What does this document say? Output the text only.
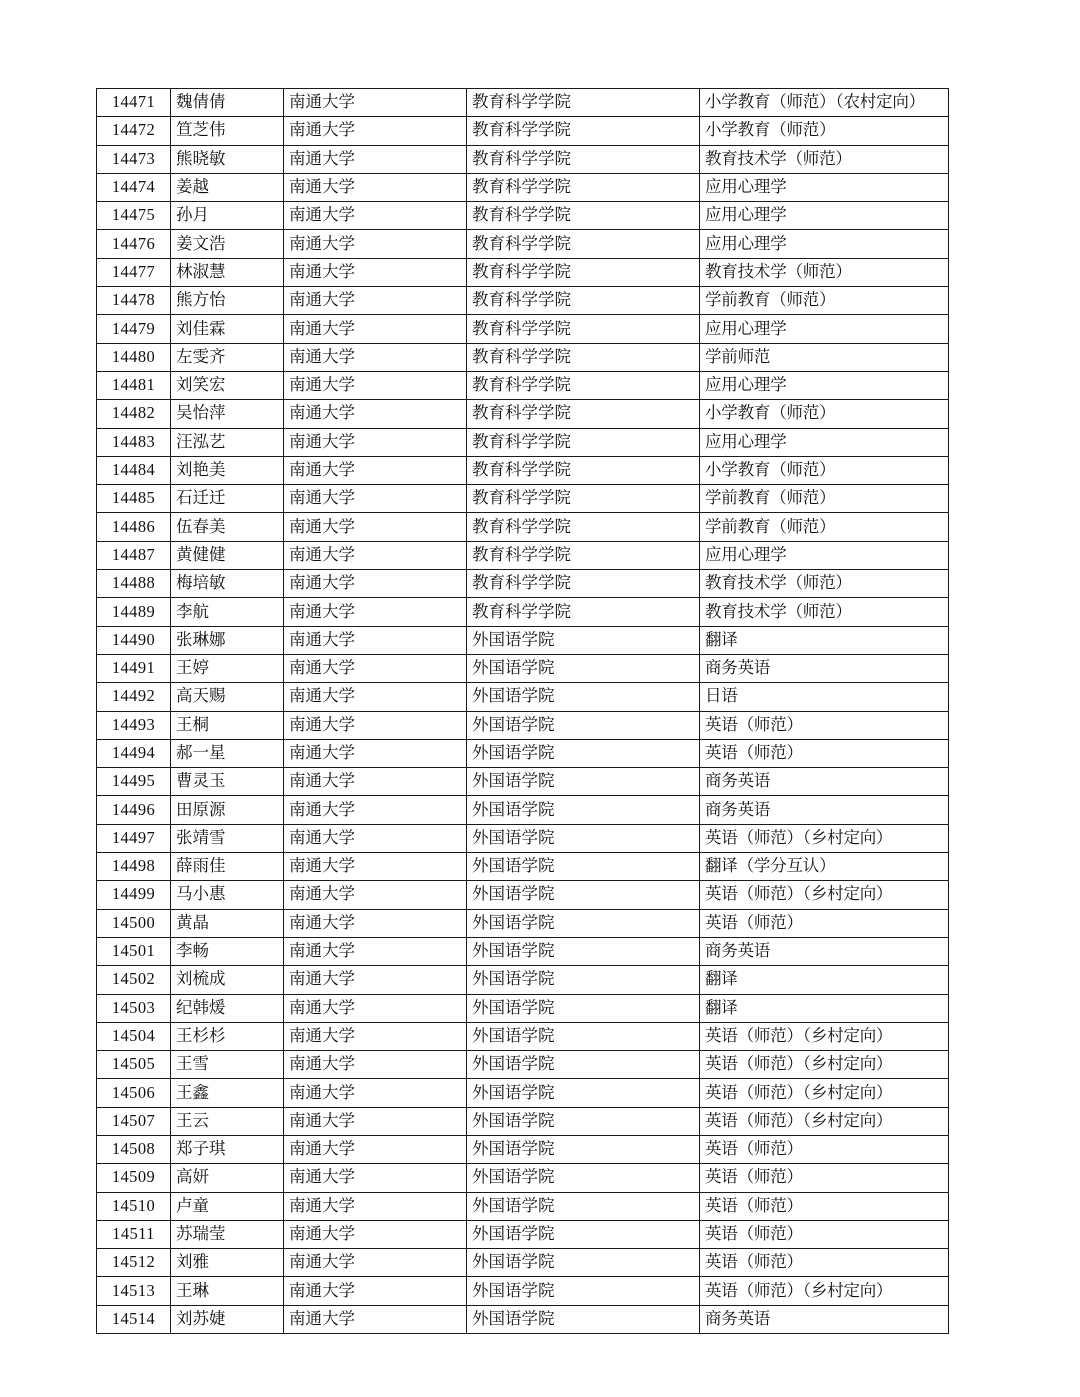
14471	魏倩倩	南通大学	教育科学学院	小学教育（师范）（农村定向）
14472	笪芝伟	南通大学	教育科学学院	小学教育（师范）
14473	熊晓敏	南通大学	教育科学学院	教育技术学（师范）
14474	姜越	南通大学	教育科学学院	应用心理学
14475	孙月	南通大学	教育科学学院	应用心理学
14476	姜文浩	南通大学	教育科学学院	应用心理学
14477	林淑慧	南通大学	教育科学学院	教育技术学（师范）
14478	熊方怡	南通大学	教育科学学院	学前教育（师范）
14479	刘佳霖	南通大学	教育科学学院	应用心理学
14480	左雯齐	南通大学	教育科学学院	学前师范
14481	刘笑宏	南通大学	教育科学学院	应用心理学
14482	吴怡萍	南通大学	教育科学学院	小学教育（师范）
14483	汪泓艺	南通大学	教育科学学院	应用心理学
14484	刘艳美	南通大学	教育科学学院	小学教育（师范）
14485	石迁迁	南通大学	教育科学学院	学前教育（师范）
14486	伍春美	南通大学	教育科学学院	学前教育（师范）
14487	黄健健	南通大学	教育科学学院	应用心理学
14488	梅培敏	南通大学	教育科学学院	教育技术学（师范）
14489	李航	南通大学	教育科学学院	教育技术学（师范）
14490	张琳娜	南通大学	外国语学院	翻译
14491	王婷	南通大学	外国语学院	商务英语
14492	高天赐	南通大学	外国语学院	日语
14493	王桐	南通大学	外国语学院	英语（师范）
14494	郝一星	南通大学	外国语学院	英语（师范）
14495	曹灵玉	南通大学	外国语学院	商务英语
14496	田原源	南通大学	外国语学院	商务英语
14497	张靖雪	南通大学	外国语学院	英语（师范）（乡村定向）
14498	薛雨佳	南通大学	外国语学院	翻译（学分互认）
14499	马小惠	南通大学	外国语学院	英语（师范）（乡村定向）
14500	黄晶	南通大学	外国语学院	英语（师范）
14501	李畅	南通大学	外国语学院	商务英语
14502	刘梳成	南通大学	外国语学院	翻译
14503	纪韩煖	南通大学	外国语学院	翻译
14504	王杉杉	南通大学	外国语学院	英语（师范）（乡村定向）
14505	王雪	南通大学	外国语学院	英语（师范）（乡村定向）
14506	王鑫	南通大学	外国语学院	英语（师范）（乡村定向）
14507	王云	南通大学	外国语学院	英语（师范）（乡村定向）
14508	郑子琪	南通大学	外国语学院	英语（师范）
14509	高妍	南通大学	外国语学院	英语（师范）
14510	卢童	南通大学	外国语学院	英语（师范）
14511	苏瑞莹	南通大学	外国语学院	英语（师范）
14512	刘雅	南通大学	外国语学院	英语（师范）
14513	王琳	南通大学	外国语学院	英语（师范）（乡村定向）
14514	刘苏婕	南通大学	外国语学院	商务英语
